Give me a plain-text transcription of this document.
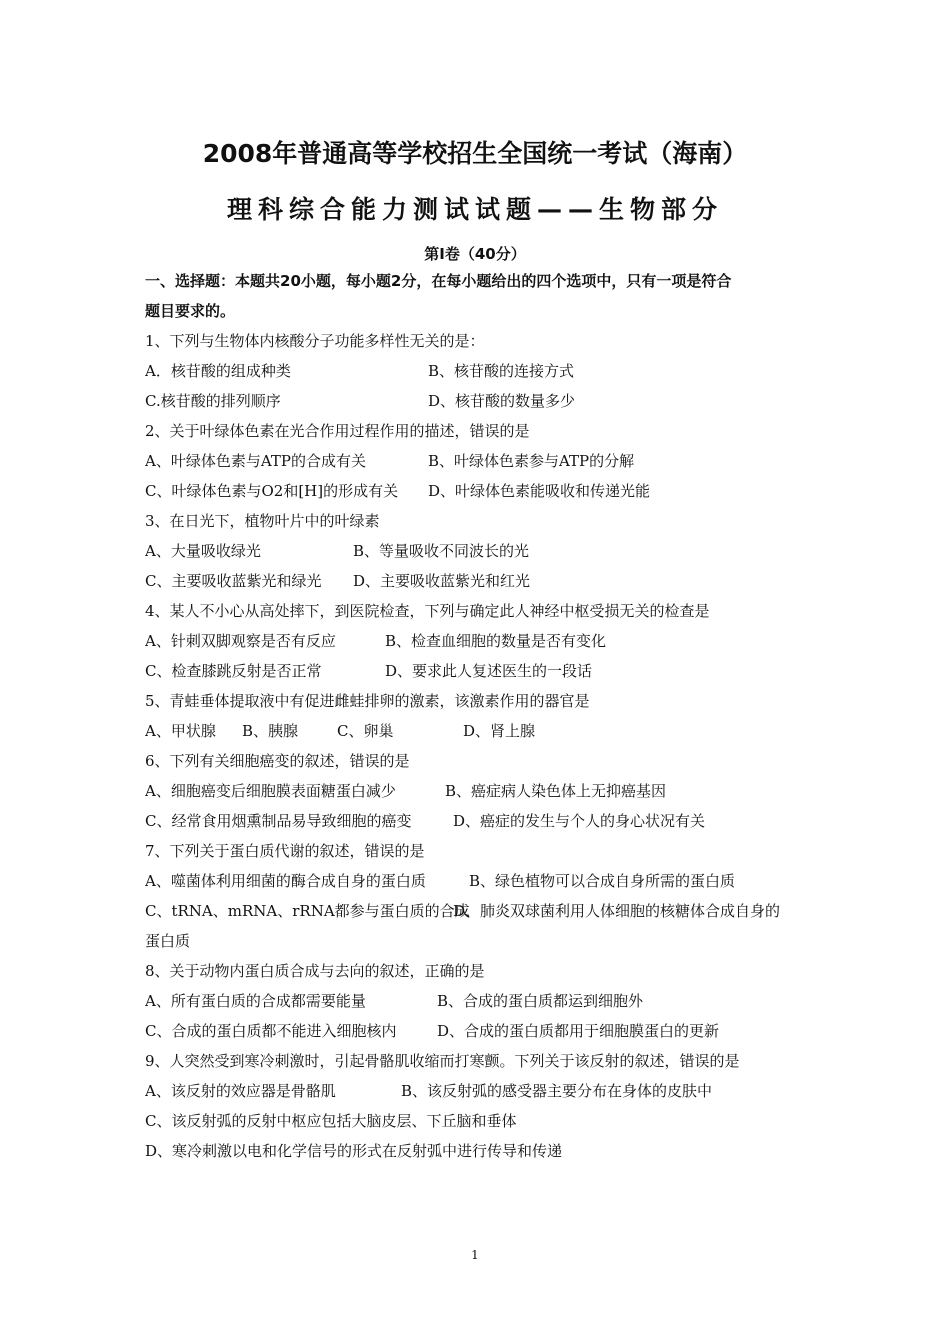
2008年普通高等学校招生全国统一考试（海南）
理科综合能力测试试题——生物部分
第Ⅰ卷（40分）
一、选择题：本题共20小题，每小题2分，在每小题给出的四个选项中，只有一项是符合
题目要求的。
1、下列与生物体内核酸分子功能多样性无关的是：
A．核苷酸的组成种类	B、核苷酸的连接方式
C.核苷酸的排列顺序	D、核苷酸的数量多少
2、关于叶绿体色素在光合作用过程作用的描述，错误的是
A、叶绿体色素与ATP的合成有关	B、叶绿体色素参与ATP的分解
C、叶绿体色素与O2和[H]的形成有关 D、叶绿体色素能吸收和传递光能
3、在日光下，植物叶片中的叶绿素
A、大量吸收绿光	B、等量吸收不同波长的光
C、主要吸收蓝紫光和绿光 D、主要吸收蓝紫光和红光
4、某人不小心从高处摔下，到医院检查，下列与确定此人神经中枢受损无关的检查是
A、针刺双脚观察是否有反应	B、检查血细胞的数量是否有变化
C、检查膝跳反射是否正常	D、要求此人复述医生的一段话
5、青蛙垂体提取液中有促进雌蛙排卵的激素，该激素作用的器官是
A、甲状腺 B、胰腺	C、卵巢	D、肾上腺
6、下列有关细胞癌变的叙述，错误的是
A、细胞癌变后细胞膜表面糖蛋白减少	B、癌症病人染色体上无抑癌基因
C、经常食用烟熏制品易导致细胞的癌变	D、癌症的发生与个人的身心状况有关
7、下列关于蛋白质代谢的叙述，错误的是
A、噬菌体利用细菌的酶合成自身的蛋白质	B、绿色植物可以合成自身所需的蛋白质
C、tRNA、mRNA、rRNA都参与蛋白质的合成D、肺炎双球菌利用人体细胞的核糖体合成自身的
蛋白质
8、关于动物内蛋白质合成与去向的叙述，正确的是
A、所有蛋白质的合成都需要能量	B、合成的蛋白质都运到细胞外
C、合成的蛋白质都不能进入细胞核内	D、合成的蛋白质都用于细胞膜蛋白的更新
9、人突然受到寒冷刺激时，引起骨骼肌收缩而打寒颤。下列关于该反射的叙述，错误的是
A、该反射的效应器是骨骼肌	B、该反射弧的感受器主要分布在身体的皮肤中
C、该反射弧的反射中枢应包括大脑皮层、下丘脑和垂体
D、寒冷刺激以电和化学信号的形式在反射弧中进行传导和传递
1
